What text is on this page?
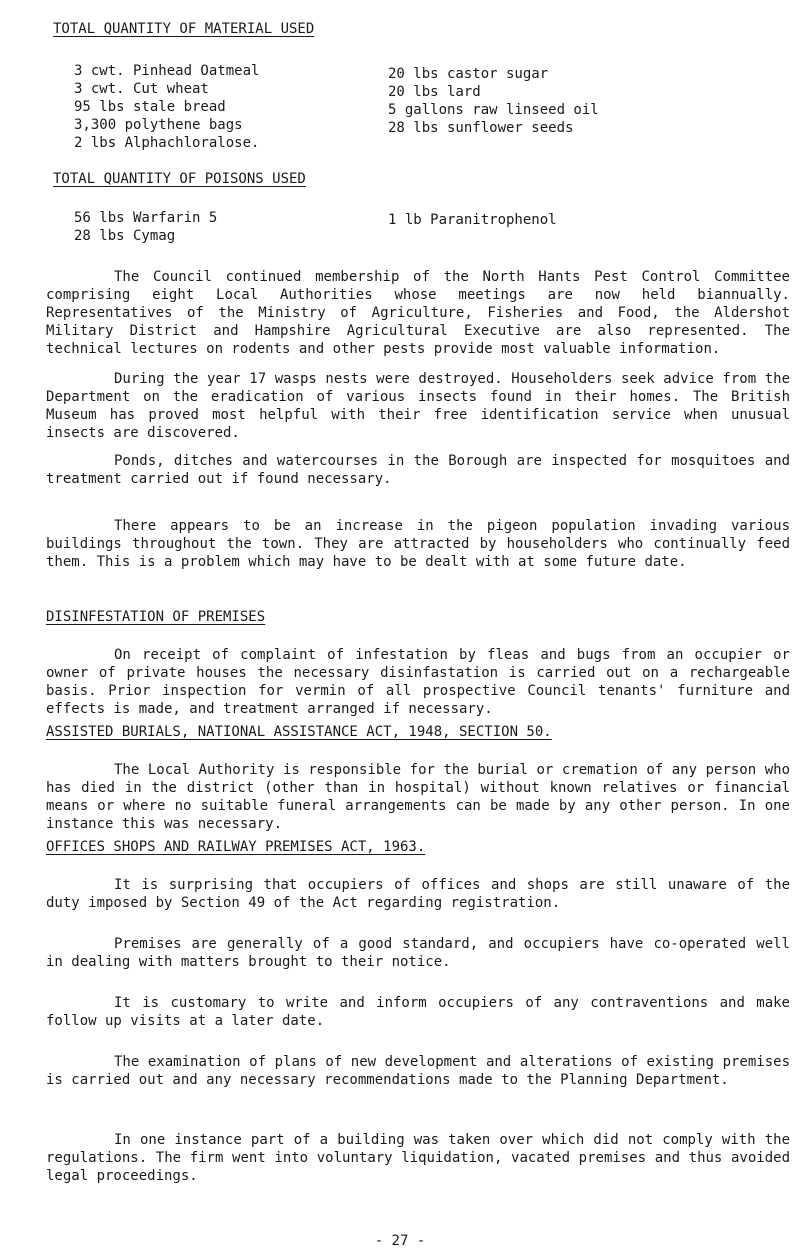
TOTAL QUANTITY OF MATERIAL USED
3 cwt. Pinhead Oatmeal
3 cwt. Cut wheat
95 lbs stale bread
3,300 polythene bags
2 lbs Alphachloralose.
20 lbs castor sugar
20 lbs lard
5 gallons raw linseed oil
28 lbs sunflower seeds
TOTAL QUANTITY OF POISONS USED
56 lbs Warfarin 5
28 lbs Cymag
1 lb Paranitrophenol

The Council continued membership of the North Hants Pest Control Committee comprising eight Local Authorities whose meetings are now held biannually. Representatives of the Ministry of Agriculture, Fisheries and Food, the Aldershot Military District and Hampshire Agricultural Executive are also represented. The technical lectures on rodents and other pests provide most valuable information.

During the year 17 wasps nests were destroyed. Householders seek advice from the Department on the eradication of various insects found in their homes. The British Museum has proved most helpful with their free identification service when unusual insects are discovered.

Ponds, ditches and watercourses in the Borough are inspected for mosquitoes and treatment carried out if found necessary.

There appears to be an increase in the pigeon population invading various buildings throughout the town. They are attracted by householders who continually feed them. This is a problem which may have to be dealt with at some future date.

DISINFESTATION OF PREMISES

On receipt of complaint of infestation by fleas and bugs from an occupier or owner of private houses the necessary disinfastation is carried out on a rechargeable basis. Prior inspection for vermin of all prospective Council tenants' furniture and effects is made, and treatment arranged if necessary.

ASSISTED BURIALS, NATIONAL ASSISTANCE ACT, 1948, SECTION 50.

The Local Authority is responsible for the burial or cremation of any person who has died in the district (other than in hospital) without known relatives or financial means or where no suitable funeral arrangements can be made by any other person. In one instance this was necessary.

OFFICES SHOPS AND RAILWAY PREMISES ACT, 1963.

It is surprising that occupiers of offices and shops are still unaware of the duty imposed by Section 49 of the Act regarding registration.

Premises are generally of a good standard, and occupiers have co-operated well in dealing with matters brought to their notice.

It is customary to write and inform occupiers of any contraventions and make follow up visits at a later date.

The examination of plans of new development and alterations of existing premises is carried out and any necessary recommendations made to the Planning Department.

In one instance part of a building was taken over which did not comply with the regulations. The firm went into voluntary liquidation, vacated premises and thus avoided legal proceedings.

- 27 -
